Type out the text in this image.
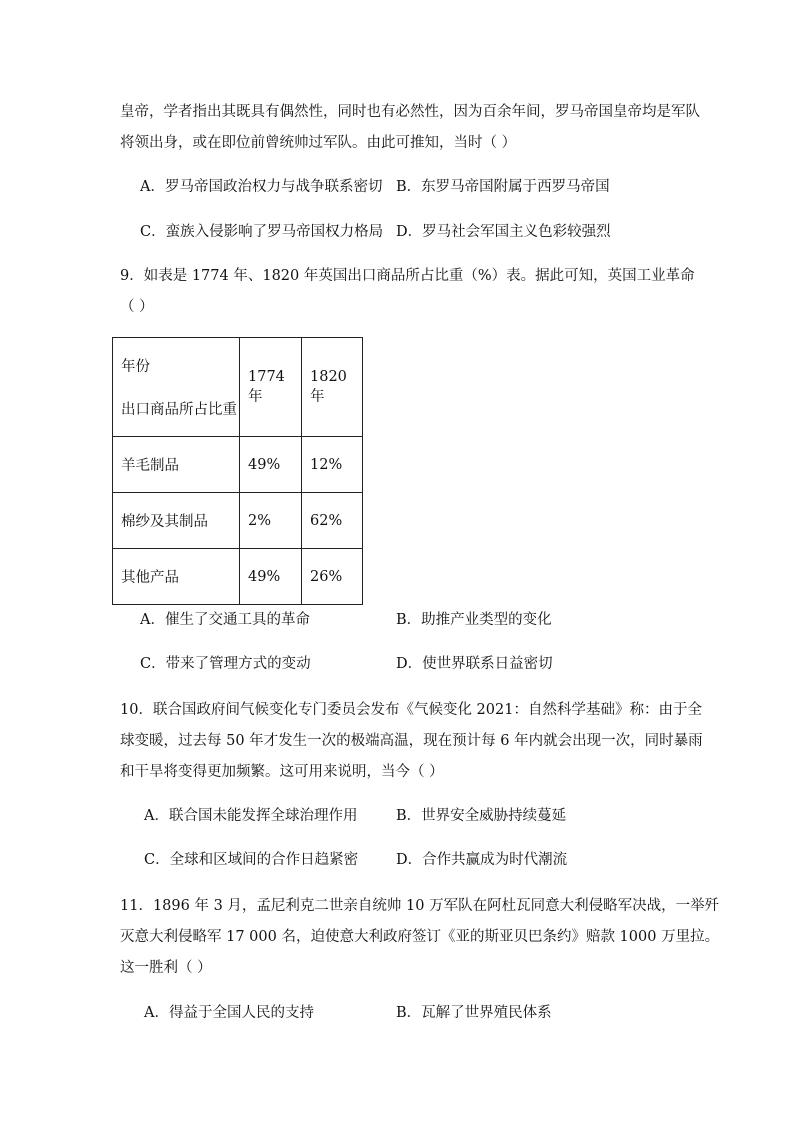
皇帝，学者指出其既具有偶然性，同时也有必然性，因为百余年间，罗马帝国皇帝均是军队
将领出身，或在即位前曾统帅过军队。由此可推知，当时（ ）
A．罗马帝国政治权力与战争联系密切 B．东罗马帝国附属于西罗马帝国
C．蛮族入侵影响了罗马帝国权力格局 D．罗马社会军国主义色彩较强烈
9．如表是 1774 年、1820 年英国出口商品所占比重（%）表。据此可知，英国工业革命
（ ）
年份
出口商品所占比重	1774 年	1820 年
羊毛制品	49%	12%
棉纱及其制品	2%	62%
其他产品	49%	26%
A．催生了交通工具的革命	B．助推产业类型的变化
C．带来了管理方式的变动	D．使世界联系日益密切
10．联合国政府间气候变化专门委员会发布《气候变化 2021：自然科学基础》称：由于全
球变暖，过去每 50 年才发生一次的极端高温，现在预计每 6 年内就会出现一次，同时暴雨
和干旱将变得更加频繁。这可用来说明，当今（ ）
A．联合国未能发挥全球治理作用	B．世界安全威胁持续蔓延
C．全球和区域间的合作日趋紧密	D．合作共赢成为时代潮流
11．1896 年 3 月，孟尼利克二世亲自统帅 10 万军队在阿杜瓦同意大利侵略军决战，一举歼
灭意大利侵略军 17 000 名，迫使意大利政府签订《亚的斯亚贝巴条约》赔款 1000 万里拉。
这一胜利（ ）
A．得益于全国人民的支持	B．瓦解了世界殖民体系
